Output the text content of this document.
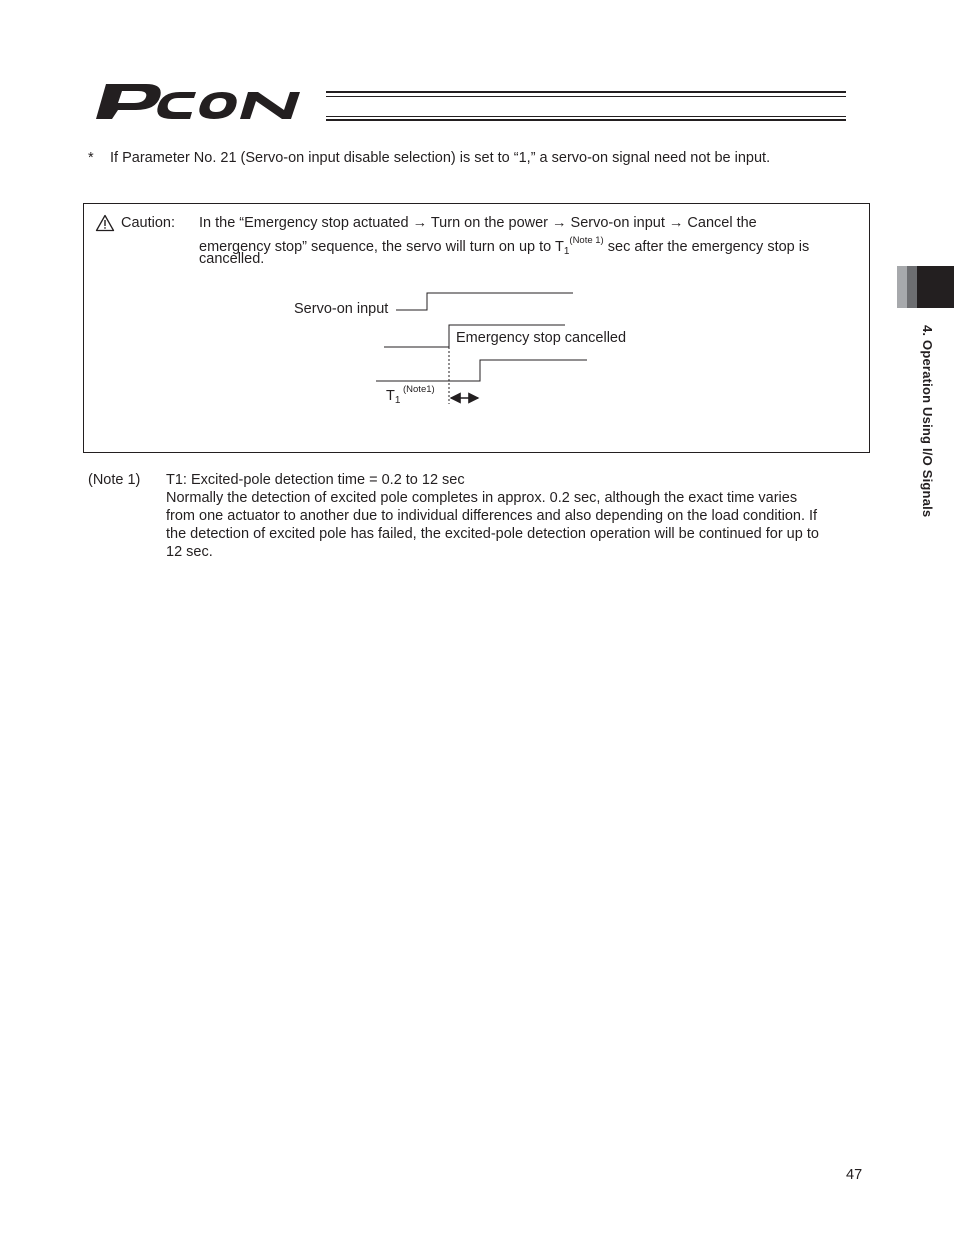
4. Operation Using I/O Signals
* If Parameter No. 21 (Servo-on input disable selection) is set to “1,” a servo-on signal need not be input.
Caution: In the “Emergency stop actuated → Turn on the power → Servo-on input → Cancel the
emergency stop” sequence, the servo will turn on up to $T_1^{(Note 1)}$ sec after the emergency stop is
cancelled.
Servo-on input
Emergency stop cancelled
$T_1$
(Note1)
(Note 1) T1: Excited-pole detection time = 0.2 to 12 sec
Normally the detection of excited pole completes in approx. 0.2 sec, although the exact time varies
from one actuator to another due to individual differences and also depending on the load condition. If
the detection of excited pole has failed, the excited-pole detection operation will be continued for up to
12 sec.
47
